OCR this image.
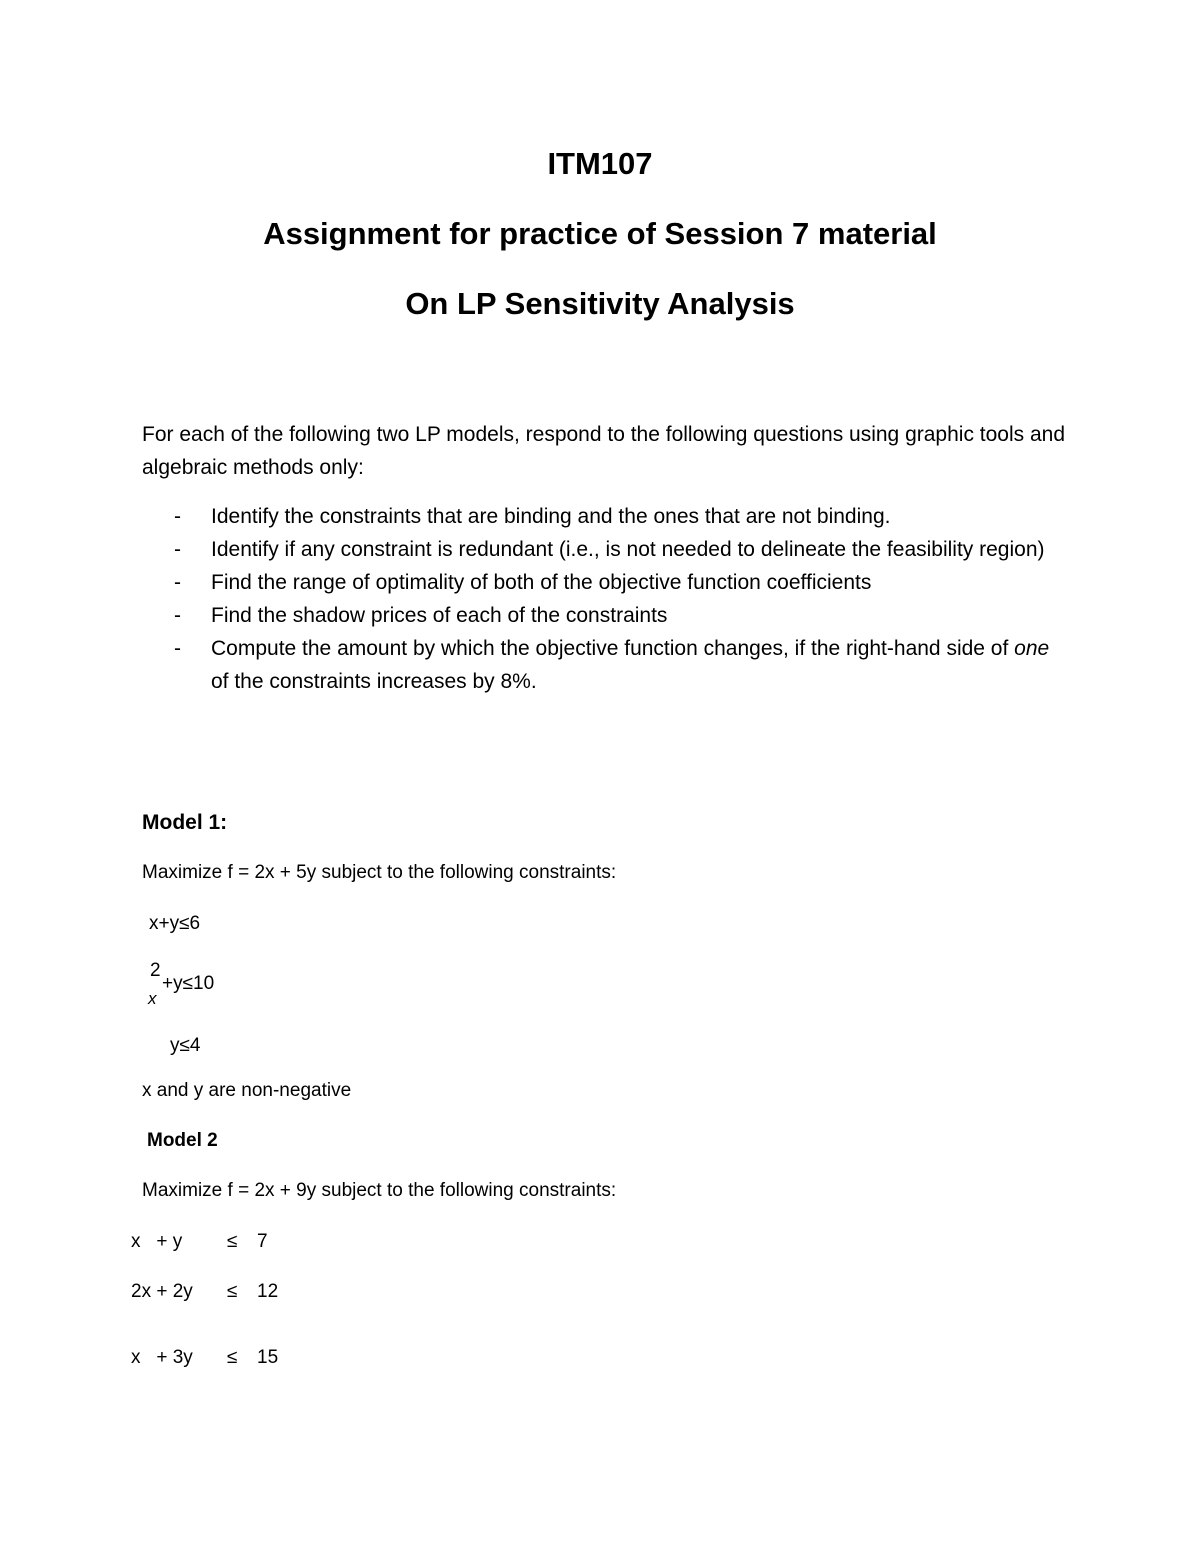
ITM107
Assignment for practice of Session 7 material
On LP Sensitivity Analysis

For each of the following two LP models, respond to the following questions using graphic tools and algebraic methods only:

- Identify the constraints that are binding and the ones that are not binding.
- Identify if any constraint is redundant (i.e., is not needed to delineate the feasibility region)
- Find the range of optimality of both of the objective function coefficients
- Find the shadow prices of each of the constraints
- Compute the amount by which the objective function changes, if the right-hand side of one of the constraints increases by 8%.

Model 1:

Maximize f = 2x + 5y subject to the following constraints:

x+y≤6

2

x

+y≤10

y≤4

x and y are non-negative

Model 2

Maximize f = 2x + 9y subject to the following constraints:

x   + y ≤ 7

2x + 2y ≤ 12

x   + 3y ≤ 15
